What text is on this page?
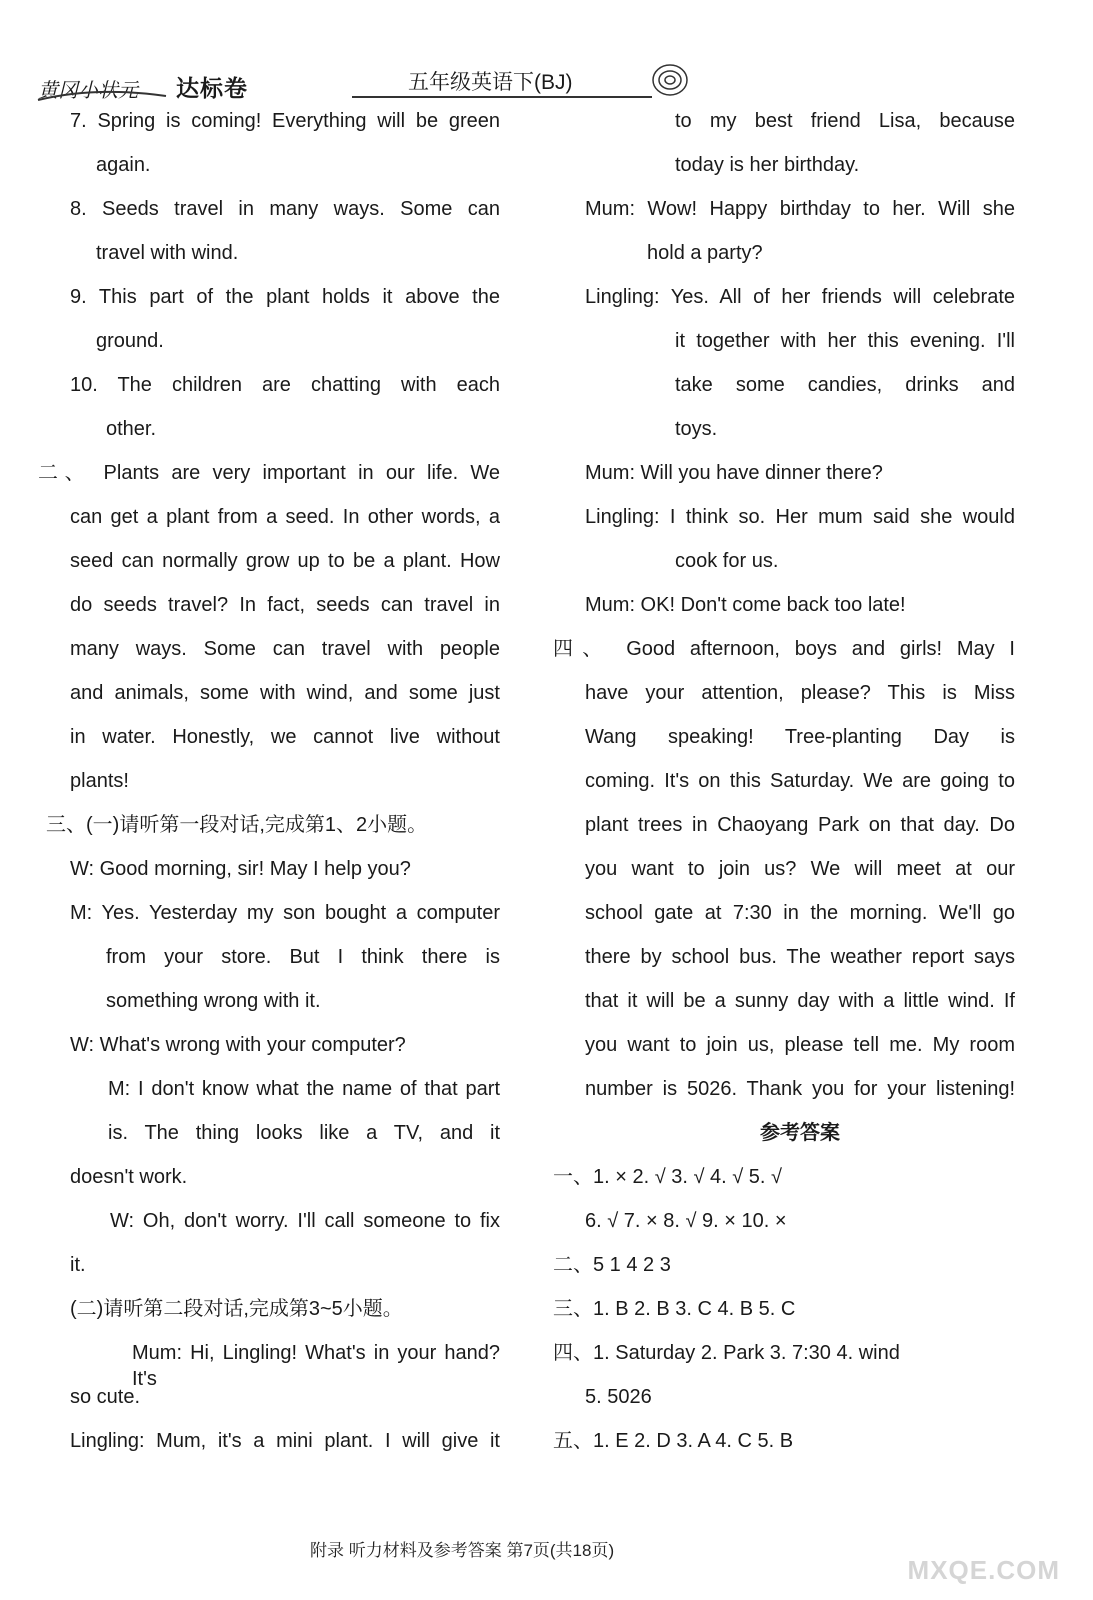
黄冈小状元 达标卷	五年级英语下(BJ)
7. Spring is coming! Everything will be green
again.
8. Seeds travel in many ways. Some can
travel with wind.
9. This part of the plant holds it above the
ground.
10. The children are chatting with each
other.
二、 Plants are very important in our life. We
can get a plant from a seed. In other words, a
seed can normally grow up to be a plant. How
do seeds travel? In fact, seeds can travel in
many ways. Some can travel with people
and animals, some with wind, and some just
in water. Honestly, we cannot live without
plants!
三、(一)请听第一段对话,完成第1、2小题。
W: Good morning, sir! May I help you?
M: Yes. Yesterday my son bought a computer
from your store. But I think there is
something wrong with it.
W: What's wrong with your computer?
M: I don't know what the name of that part
is. The thing looks like a TV, and it
doesn't work.
W: Oh, don't worry. I'll call someone to fix
it.
(二)请听第二段对话,完成第3~5小题。
Mum: Hi, Lingling! What's in your hand? It's
so cute.
Lingling: Mum, it's a mini plant. I will give it
to my best friend Lisa, because
today is her birthday.
Mum: Wow! Happy birthday to her. Will she
hold a party?
Lingling: Yes. All of her friends will celebrate
it together with her this evening. I'll
take some candies, drinks and
toys.
Mum: Will you have dinner there?
Lingling: I think so. Her mum said she would
cook for us.
Mum: OK! Don't come back too late!
四、 Good afternoon, boys and girls! May I
have your attention, please? This is Miss
Wang speaking! Tree-planting Day is
coming. It's on this Saturday. We are going to
plant trees in Chaoyang Park on that day. Do
you want to join us? We will meet at our
school gate at 7:30 in the morning. We'll go
there by school bus. The weather report says
that it will be a sunny day with a little wind. If
you want to join us, please tell me. My room
number is 5026. Thank you for your listening!
参考答案
一、1. × 2. √ 3. √ 4. √ 5. √
6. √ 7. × 8. √ 9. × 10. ×
二、5 1 4 2 3
三、1. B 2. B 3. C 4. B 5. C
四、1. Saturday 2. Park 3. 7:30 4. wind
5. 5026
五、1. E 2. D 3. A 4. C 5. B
附录 听力材料及参考答案 第7页(共18页)
MXQE.COM
